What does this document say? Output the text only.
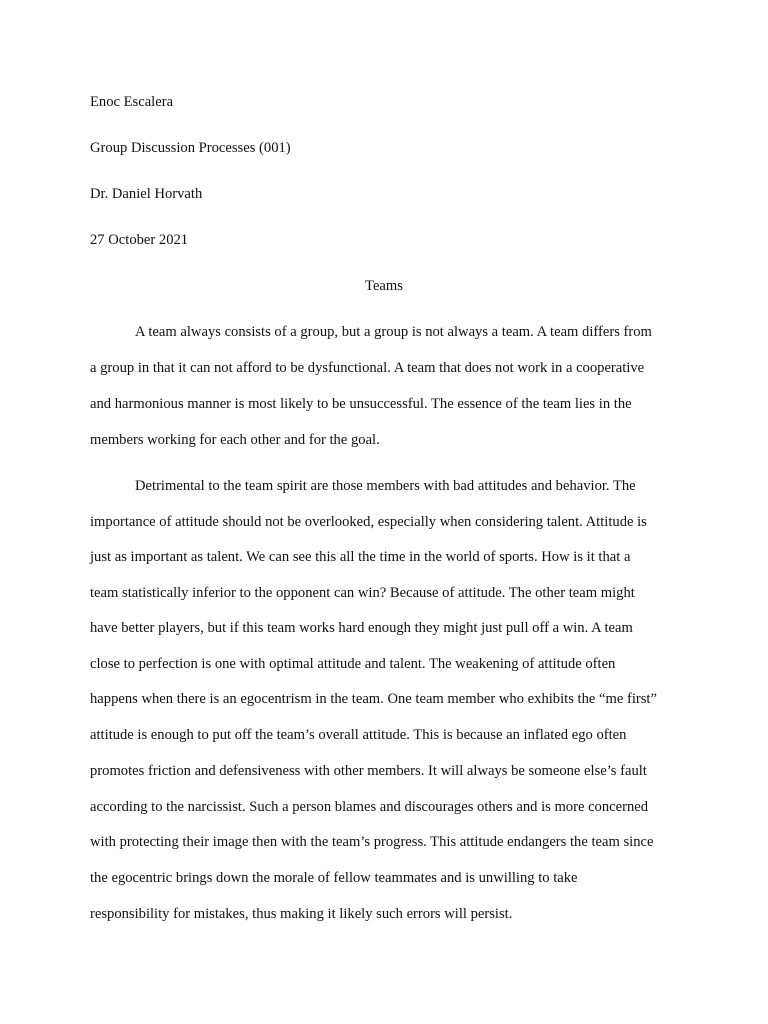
Enoc Escalera
Group Discussion Processes (001)
Dr. Daniel Horvath
27 October 2021
Teams
A team always consists of a group, but a group is not always a team. A team differs from
a group in that it can not afford to be dysfunctional. A team that does not work in a cooperative
and harmonious manner is most likely to be unsuccessful. The essence of the team lies in the
members working for each other and for the goal.
Detrimental to the team spirit are those members with bad attitudes and behavior. The
importance of attitude should not be overlooked, especially when considering talent. Attitude is
just as important as talent. We can see this all the time in the world of sports. How is it that a
team statistically inferior to the opponent can win? Because of attitude. The other team might
have better players, but if this team works hard enough they might just pull off a win. A team
close to perfection is one with optimal attitude and talent. The weakening of attitude often
happens when there is an egocentrism in the team. One team member who exhibits the “me first”
attitude is enough to put off the team’s overall attitude. This is because an inflated ego often
promotes friction and defensiveness with other members. It will always be someone else’s fault
according to the narcissist. Such a person blames and discourages others and is more concerned
with protecting their image then with the team’s progress. This attitude endangers the team since
the egocentric brings down the morale of fellow teammates and is unwilling to take
responsibility for mistakes, thus making it likely such errors will persist.
